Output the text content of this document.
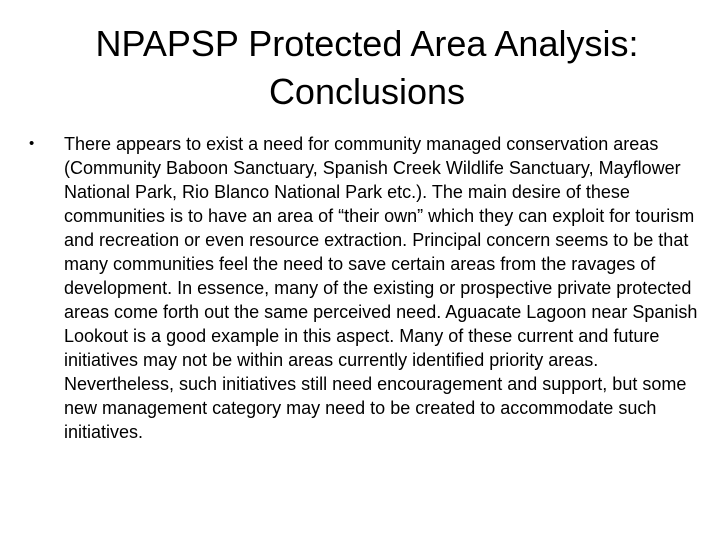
NPAPSP Protected Area Analysis:
Conclusions
•	There appears to exist a need for community managed conservation areas (Community Baboon Sanctuary, Spanish Creek Wildlife Sanctuary, Mayflower National Park, Rio Blanco National Park etc.). The main desire of these communities is to have an area of “their own” which they can exploit for tourism and recreation or even resource extraction. Principal concern seems to be that many communities feel the need to save certain areas from the ravages of development. In essence, many of the existing or prospective private protected areas come forth out the same perceived need. Aguacate Lagoon near Spanish Lookout is a good example in this aspect. Many of these current and future initiatives may not be within areas currently identified priority areas. Nevertheless, such initiatives still need encouragement and support, but some new management category may need to be created to accommodate such initiatives.
